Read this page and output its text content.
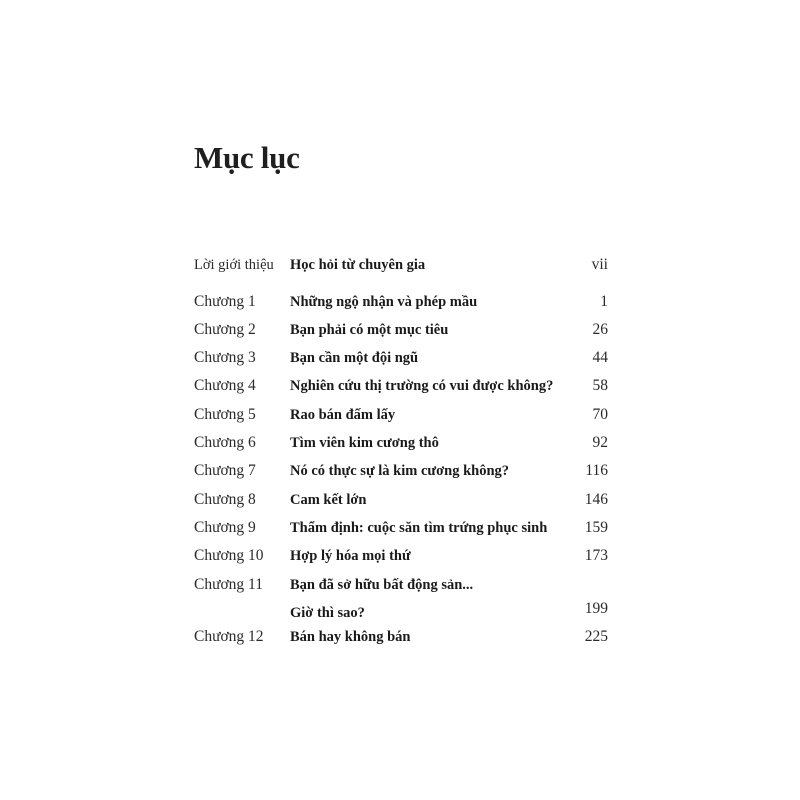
Mục lục
Lời giới thiệu Học hỏi từ chuyên gia	vii
Chương 1 Những ngộ nhận và phép mầu	1
Chương 2 Bạn phải có một mục tiêu	26
Chương 3 Bạn cần một đội ngũ	44
Chương 4 Nghiên cứu thị trường có vui được không?	58
Chương 5 Rao bán đấm lấy	70
Chương 6 Tìm viên kim cương thô	92
Chương 7 Nó có thực sự là kim cương không?	116
Chương 8 Cam kết lớn	146
Chương 9 Thẩm định: cuộc săn tìm trứng phục sinh 159
Chương 10 Hợp lý hóa mọi thứ	173
Chương 11 Bạn đã sở hữu bất động sản...
Giờ thì sao?	199
Chương 12 Bán hay không bán	225
